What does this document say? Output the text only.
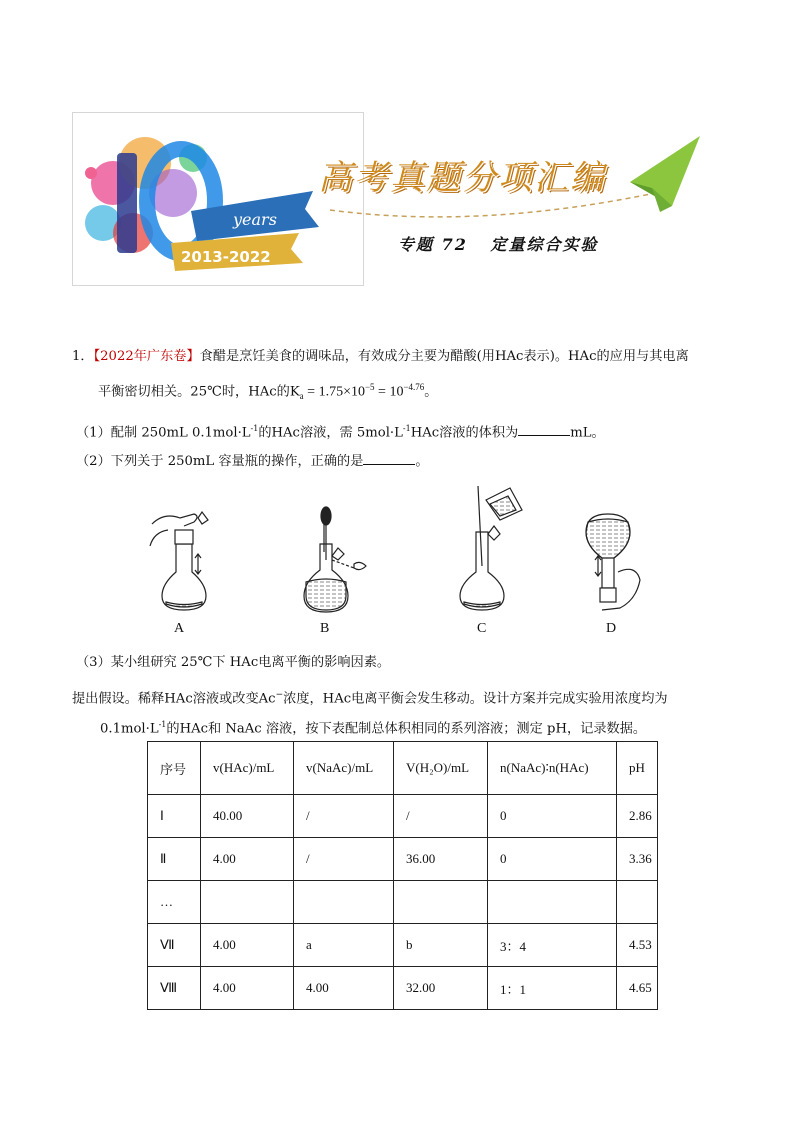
years
2013-2022
高考真题分项汇编
专题 72   定量综合实验
1．【2022年广东卷】食醋是烹饪美食的调味品，有效成分主要为醋酸(用HAc表示)。HAc的应用与其电离
平衡密切相关。25℃时，HAc的$K_a = 1.75\times 10^{-5} = 10^{-4.76}$。
（1）配制 250mL $0.1mol\cdot L^{-1}$的HAc溶液，需 $5mol\cdot L^{-1}HAc$溶液的体积为	mL。
（2）下列关于 250mL 容量瓶的操作，正确的是	。
A	B	C	D
（3）某小组研究 25℃下 HAc电离平衡的影响因素。
提出假设。稀释HAc溶液或改变Ac−浓度，HAc电离平衡会发生移动。设计方案并完成实验用浓度均为
$0.1mol\cdot L^{-1}$的HAc和 NaAc 溶液，按下表配制总体积相同的系列溶液；测定 pH，记录数据。
序号	v(HAc)/mL	v(NaAc)/mL	V(H₂O)/mL	n(NaAc)∶n(HAc)	pH
Ⅰ	40.00	/	/	0	2.86
Ⅱ	4.00	/	36.00	0	3.36
…					
Ⅶ	4.00	a	b	3：4	4.53
Ⅷ	4.00	4.00	32.00	1：1	4.65
